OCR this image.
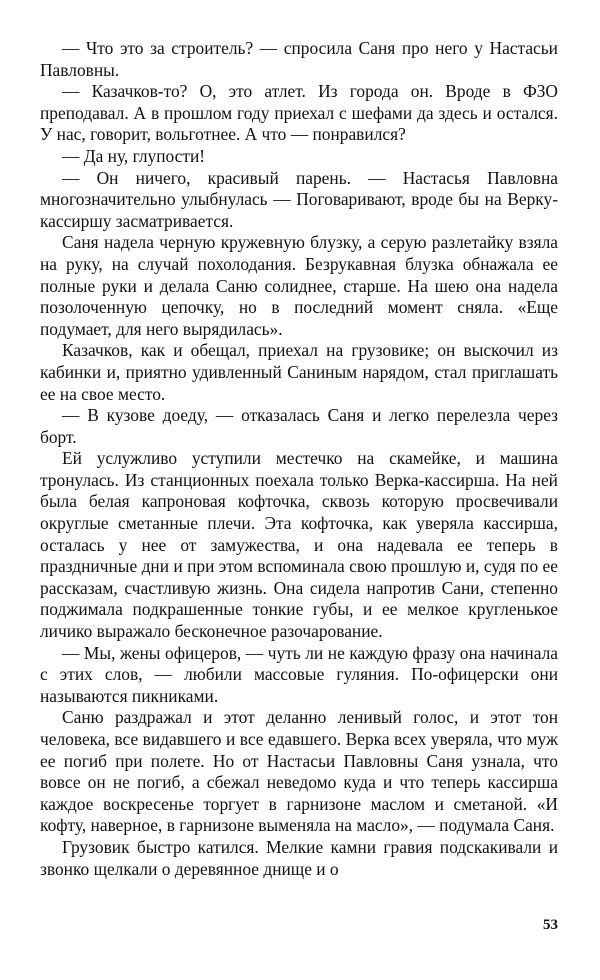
— Что это за строитель? — спросила Саня про него у Настасьи Павловны.

— Казачков-то? О, это атлет. Из города он. Вроде в ФЗО преподавал. А в прошлом году приехал с шефами да здесь и остался. У нас, говорит, вольготнее. А что — понравился?

— Да ну, глупости!

— Он ничего, красивый парень. — Настасья Павловна многозначительно улыбнулась — Поговаривают, вроде бы на Верку-кассиршу засматривается.

Саня надела черную кружевную блузку, а серую разлетайку взяла на руку, на случай похолодания. Безрукавная блузка обнажала ее полные руки и делала Саню солиднее, старше. На шею она надела позолоченную цепочку, но в последний момент сняла. «Еще подумает, для него вырядилась».

Казачков, как и обещал, приехал на грузовике; он выскочил из кабинки и, приятно удивленный Саниным нарядом, стал приглашать ее на свое место.

— В кузове доеду, — отказалась Саня и легко перелезла через борт.

Ей услужливо уступили местечко на скамейке, и машина тронулась. Из станционных поехала только Верка-кассирша. На ней была белая капроновая кофточка, сквозь которую просвечивали округлые сметанные плечи. Эта кофточка, как уверяла кассирша, осталась у нее от замужества, и она надевала ее теперь в праздничные дни и при этом вспоминала свою прошлую и, судя по ее рассказам, счастливую жизнь. Она сидела напротив Сани, степенно поджимала подкрашенные тонкие губы, и ее мелкое кругленькое личико выражало бесконечное разочарование.

— Мы, жены офицеров, — чуть ли не каждую фразу она начинала с этих слов, — любили массовые гуляния. По-офицерски они называются пикниками.

Саню раздражал и этот деланно ленивый голос, и этот тон человека, все видавшего и все едавшего. Верка всех уверяла, что муж ее погиб при полете. Но от Настасьи Павловны Саня узнала, что вовсе он не погиб, а сбежал неведомо куда и что теперь кассирша каждое воскресенье торгует в гарнизоне маслом и сметаной. «И кофту, наверное, в гарнизоне выменяла на масло», — подумала Саня.

Грузовик быстро катился. Мелкие камни гравия подскакивали и звонко щелкали о деревянное днище и о

53
